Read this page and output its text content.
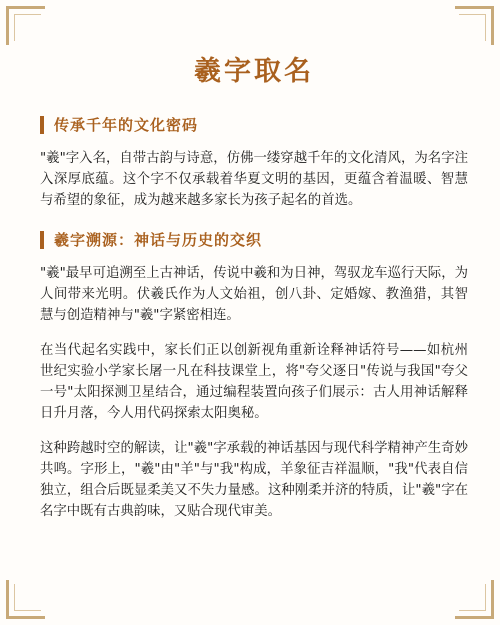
羲字取名
传承千年的文化密码

"羲"字入名，自带古韵与诗意，仿佛一缕穿越千年的文化清风，为名字注入深厚底蕴。这个字不仅承载着华夏文明的基因，更蕴含着温暖、智慧与希望的象征，成为越来越多家长为孩子起名的首选。

羲字溯源：神话与历史的交织

"羲"最早可追溯至上古神话，传说中羲和为日神，驾驭龙车巡行天际，为人间带来光明。伏羲氏作为人文始祖，创八卦、定婚嫁、教渔猎，其智慧与创造精神与"羲"字紧密相连。

在当代起名实践中，家长们正以创新视角重新诠释神话符号——如杭州世纪实验小学家长屠一凡在科技课堂上，将"夸父逐日"传说与我国"夸父一号"太阳探测卫星结合，通过编程装置向孩子们展示：古人用神话解释日升月落，今人用代码探索太阳奥秘。

这种跨越时空的解读，让"羲"字承载的神话基因与现代科学精神产生奇妙共鸣。字形上，"羲"由"羊"与"我"构成，羊象征吉祥温顺，"我"代表自信独立，组合后既显柔美又不失力量感。这种刚柔并济的特质，让"羲"字在名字中既有古典韵味，又贴合现代审美。
